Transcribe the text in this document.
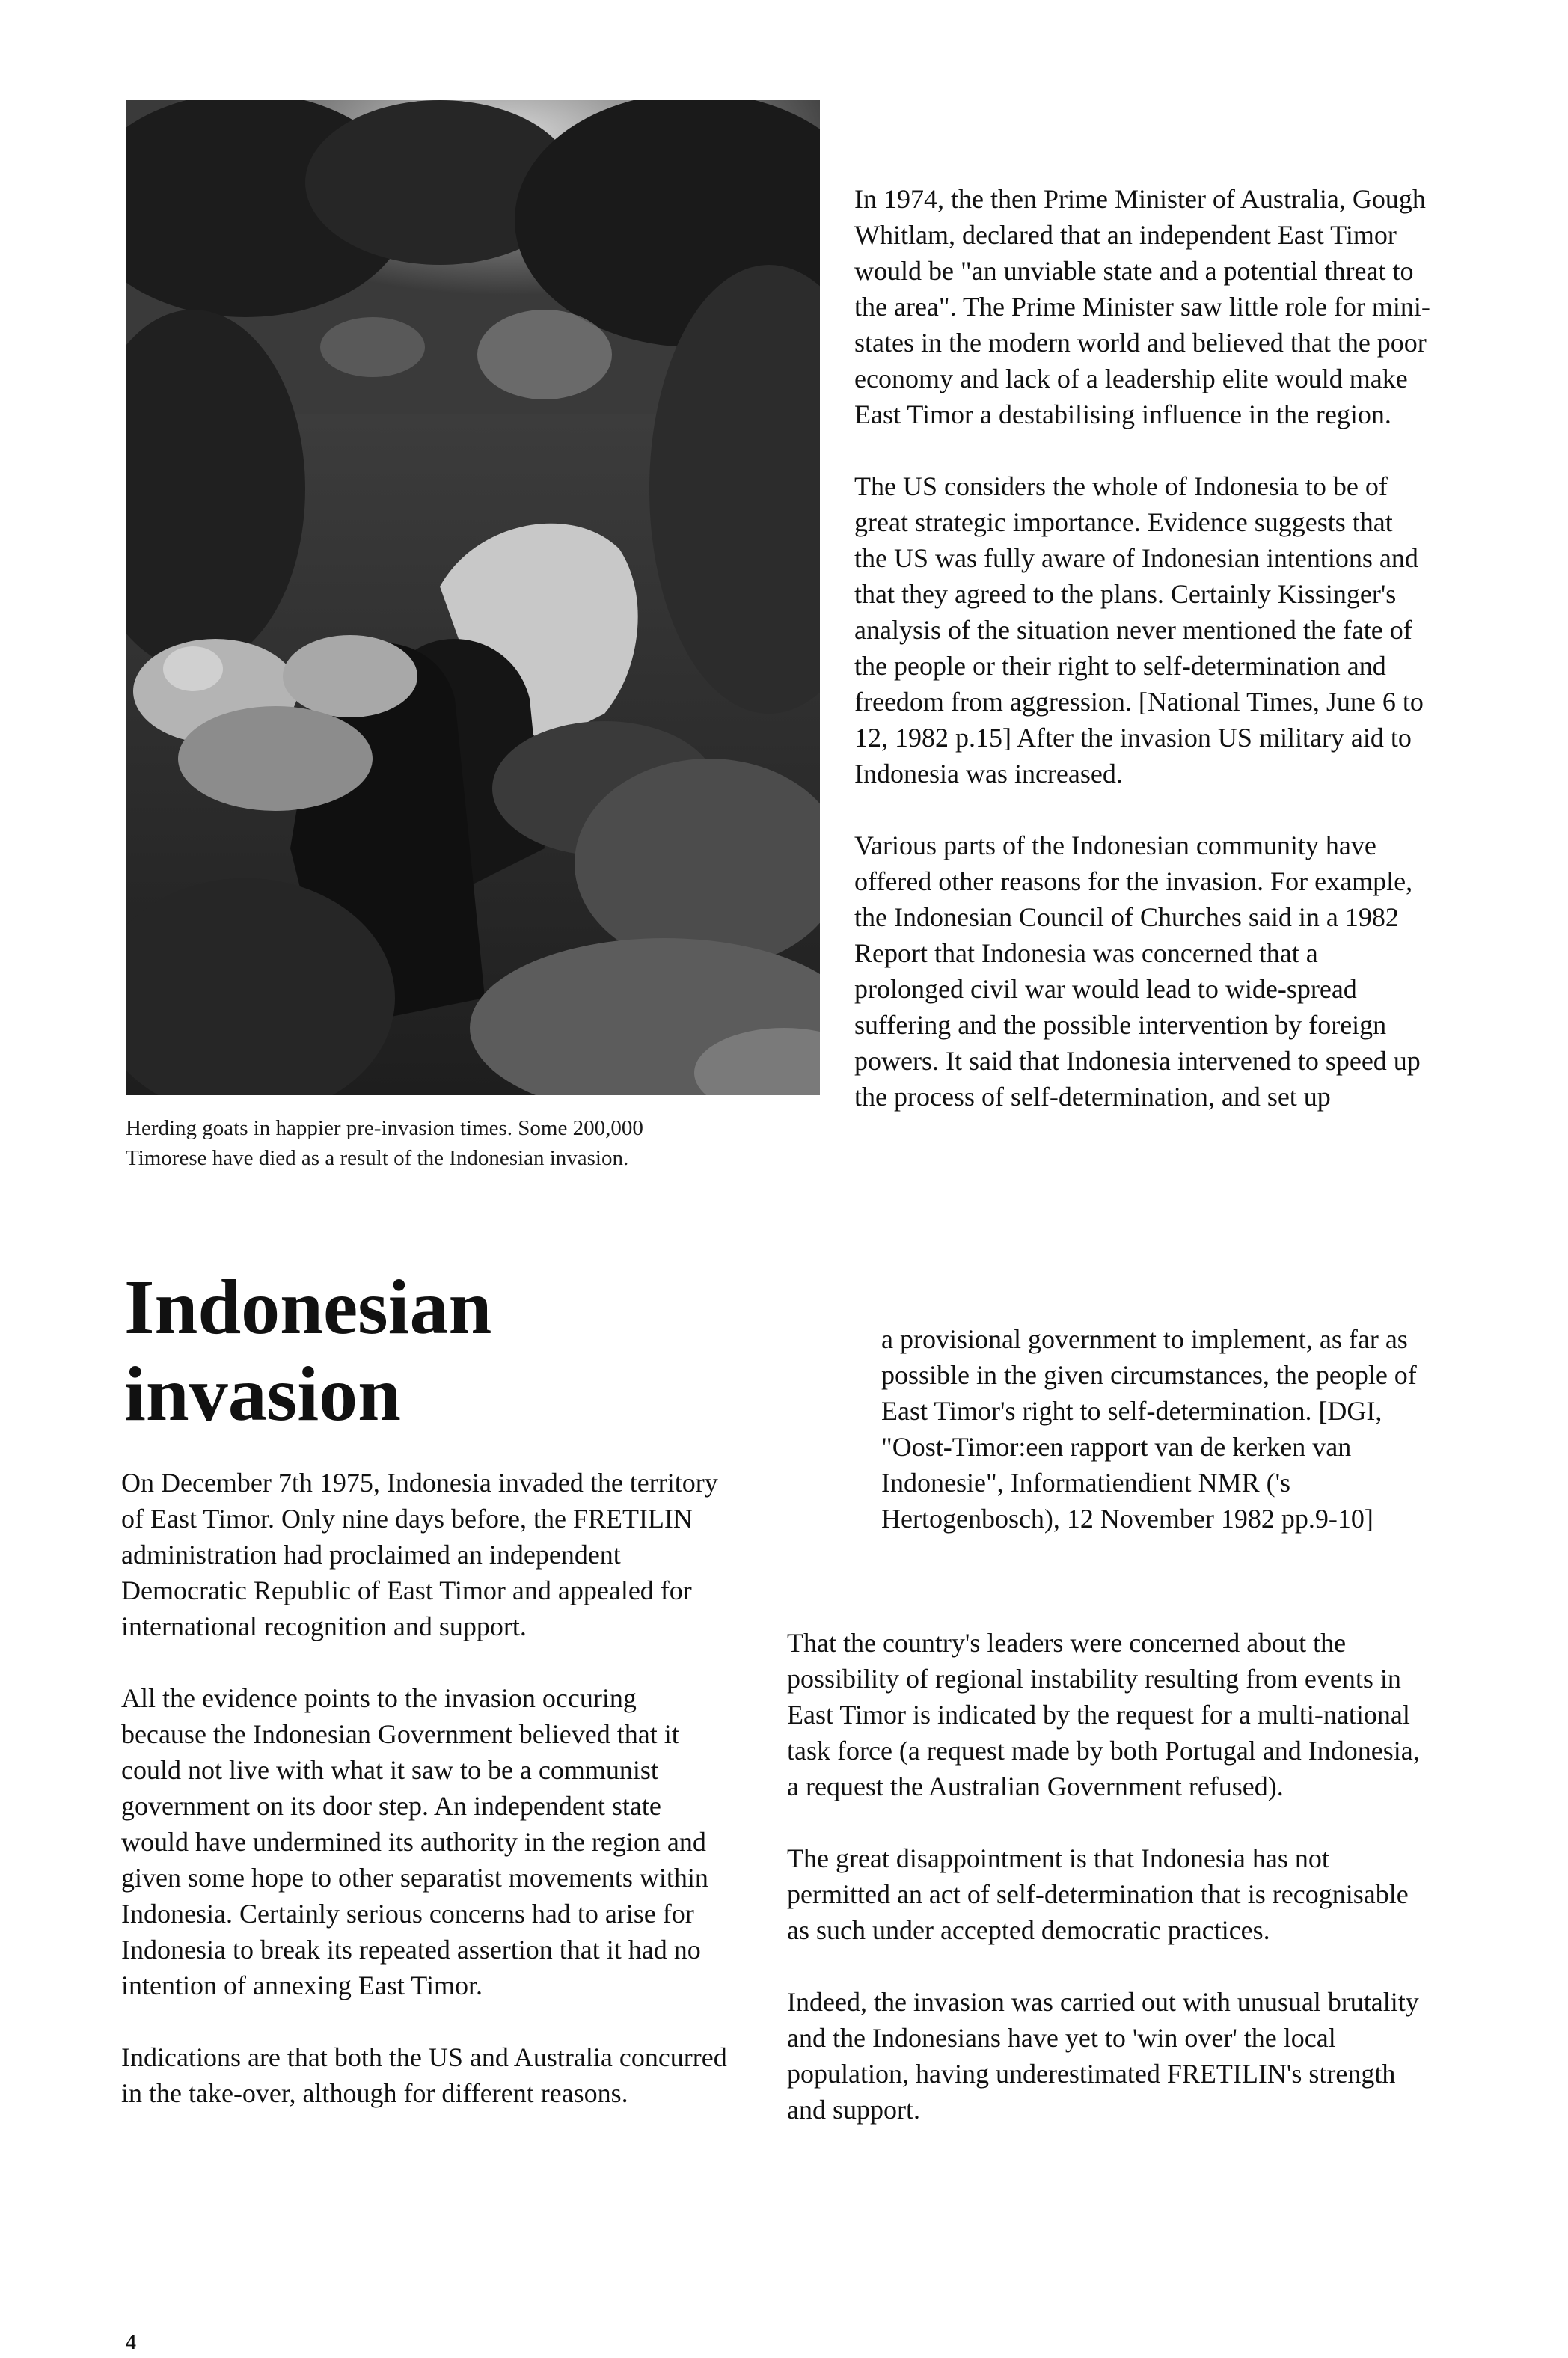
Herding goats in happier pre-invasion times. Some 200,000 Timorese have died as a result of the Indonesian invasion.
Indonesian
invasion

On December 7th 1975, Indonesia invaded the territory of East Timor. Only nine days before, the FRETILIN administration had proclaimed an independent Democratic Republic of East Timor and appealed for international recognition and support.

All the evidence points to the invasion occuring because the Indonesian Government believed that it could not live with what it saw to be a communist government on its door step. An independent state would have undermined its authority in the region and given some hope to other separatist movements within Indonesia. Certainly serious concerns had to arise for Indonesia to break its repeated assertion that it had no intention of annexing East Timor.

Indications are that both the US and Australia concurred in the take-over, although for different reasons.

In 1974, the then Prime Minister of Australia, Gough Whitlam, declared that an independent East Timor would be "an unviable state and a potential threat to the area". The Prime Minister saw little role for mini-states in the modern world and believed that the poor economy and lack of a leadership elite would make East Timor a destabilising influence in the region.

The US considers the whole of Indonesia to be of great strategic importance. Evidence suggests that the US was fully aware of Indonesian intentions and that they agreed to the plans. Certainly Kissinger's analysis of the situation never mentioned the fate of the people or their right to self-determination and freedom from aggression. [National Times, June 6 to 12, 1982 p.15] After the invasion US military aid to Indonesia was increased.

Various parts of the Indonesian community have offered other reasons for the invasion. For example, the Indonesian Council of Churches said in a 1982 Report that Indonesia was concerned that a prolonged civil war would lead to wide-spread suffering and the possible intervention by foreign powers. It said that Indonesia intervened to speed up the process of self-determination, and set up

a provisional government to implement, as far as possible in the given circumstances, the people of East Timor's right to self-determination. [DGI, "Oost-Timor:een rapport van de kerken van Indonesie", Informatiendient NMR ('s Hertogenbosch), 12 November 1982 pp.9-10]

That the country's leaders were concerned about the possibility of regional instability resulting from events in East Timor is indicated by the request for a multi-national task force (a request made by both Portugal and Indonesia, a request the Australian Government refused).

The great disappointment is that Indonesia has not permitted an act of self-determination that is recognisable as such under accepted democratic practices.

Indeed, the invasion was carried out with unusual brutality and the Indonesians have yet to 'win over' the local population, having underestimated FRETILIN's strength and support.

4
